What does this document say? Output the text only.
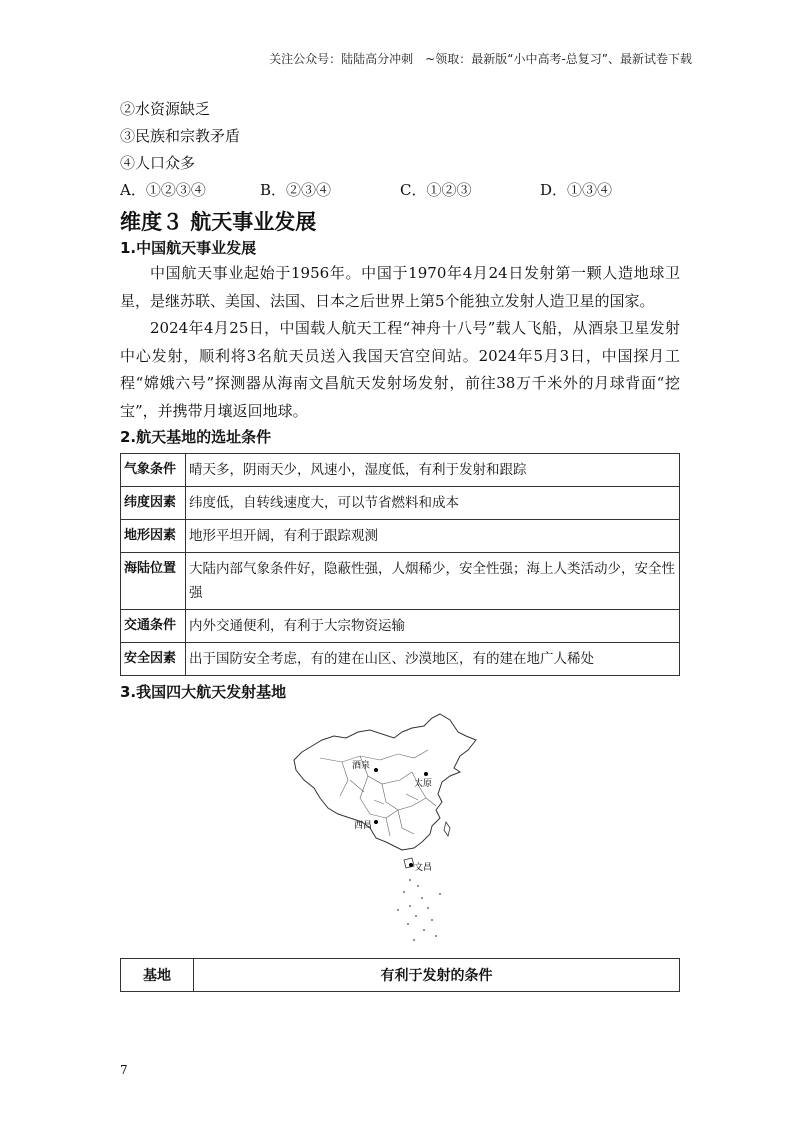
关注公众号：陆陆高分冲刺　~领取：最新版“小中高考-总复习”、最新试卷下载
②水资源缺乏
③民族和宗教矛盾
④人口众多
A．①②③④	B．②③④	C．①②③	D．①③④
维度３ 航天事业发展
1.中国航天事业发展

中国航天事业起始于1956年。中国于1970年4月24日发射第一颗人造地球卫星，是继苏联、美国、法国、日本之后世界上第5个能独立发射人造卫星的国家。

2024年4月25日，中国载人航天工程“神舟十八号”载人飞船，从酒泉卫星发射中心发射，顺利将3名航天员送入我国天宫空间站。2024年5月3日，中国探月工程“嫦娥六号”探测器从海南文昌航天发射场发射，前往38万千米外的月球背面“挖宝”，并携带月壤返回地球。

2.航天基地的选址条件
气象条件	晴天多，阴雨天少，风速小，湿度低，有利于发射和跟踪
纬度因素	纬度低，自转线速度大，可以节省燃料和成本
地形因素	地形平坦开阔，有利于跟踪观测
海陆位置	大陆内部气象条件好，隐蔽性强，人烟稀少，安全性强；海上人类活动少，安全性强
交通条件	内外交通便利，有利于大宗物资运输
安全因素	出于国防安全考虑，有的建在山区、沙漠地区，有的建在地广人稀处
3.我国四大航天发射基地
酒泉
太原
西昌
文昌
基地	有利于发射的条件
7
